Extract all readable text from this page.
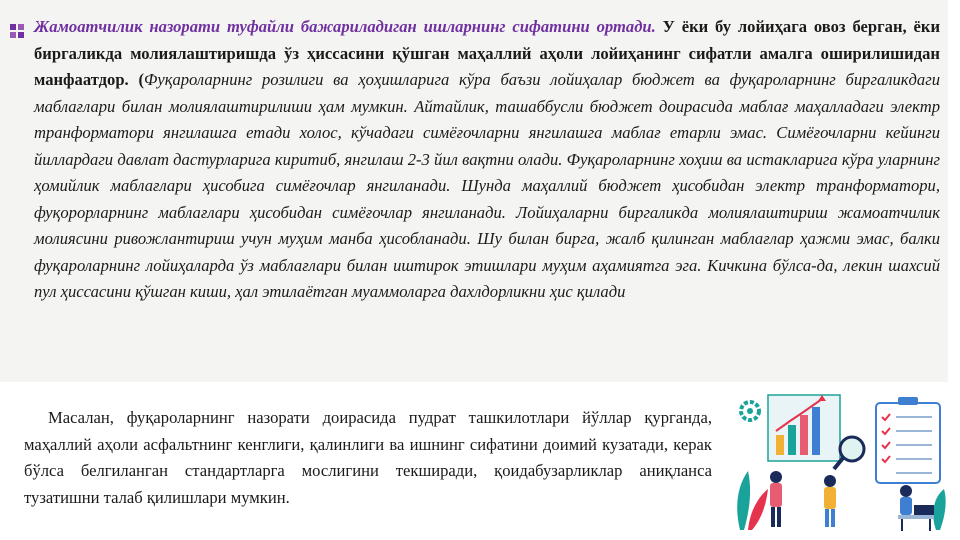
Жамоатчилик назорати туфайли бажариладиган ишларнинг сифатини ортади. У ёки бу лойиҳага овоз берган, ёки биргаликда молиялаштиришда ўз ҳиссасини қўшган маҳаллий аҳоли лойиҳанинг сифатли амалга оширилишидан манфаатдор. (Фуқароларнинг розилиги ва ҳоҳишларига кўра баъзи лойиҳалар бюджет ва фуқароларнинг биргаликдаги маблағлари билан молиялаштирилиши ҳам мумкин. Айтайлик, ташаббусли бюджет доирасида маблағ маҳалладаги электр транформатори янгилашга етади холос, кўчадаги симёғочларни янгилашга маблағ етарли эмас. Симёғочларни кейинги йиллардаги давлат дастурларига киритиб, янгилаш 2-3 йил вақтни олади. Фуқароларнинг хоҳиш ва истакларига кўра уларнинг ҳомийлик маблағлари ҳисобига симёғочлар янгиланади. Шунда маҳаллий бюджет ҳисобидан электр транформатори, фуқорорларнинг маблағлари ҳисобидан симёғочлар янгиланади. Лойиҳаларни биргаликда молиялаштириш жамоатчилик молиясини ривожлантириш учун муҳим манба ҳисобланади. Шу билан бирга, жалб қилинган маблағлар ҳажми эмас, балки фуқароларнинг лойиҳаларда ўз маблағлари билан иштирок этишлари муҳим аҳамиятга эга. Кичкина бўлса-да, лекин шахсий пул ҳиссасини қўшган киши, ҳал этилаётган муаммоларга дахлдорликни ҳис қилади

Масалан, фуқароларнинг назорати доирасида пудрат ташкилотлари йўллар қурганда, маҳаллий аҳоли асфальтнинг кенглиги, қалинлиги ва ишнинг сифатини доимий кузатади, керак бўлса белгиланган стандартларга мослигини текширади, қоидабузарликлар аниқланса тузатишни талаб қилишлари мумкин.
